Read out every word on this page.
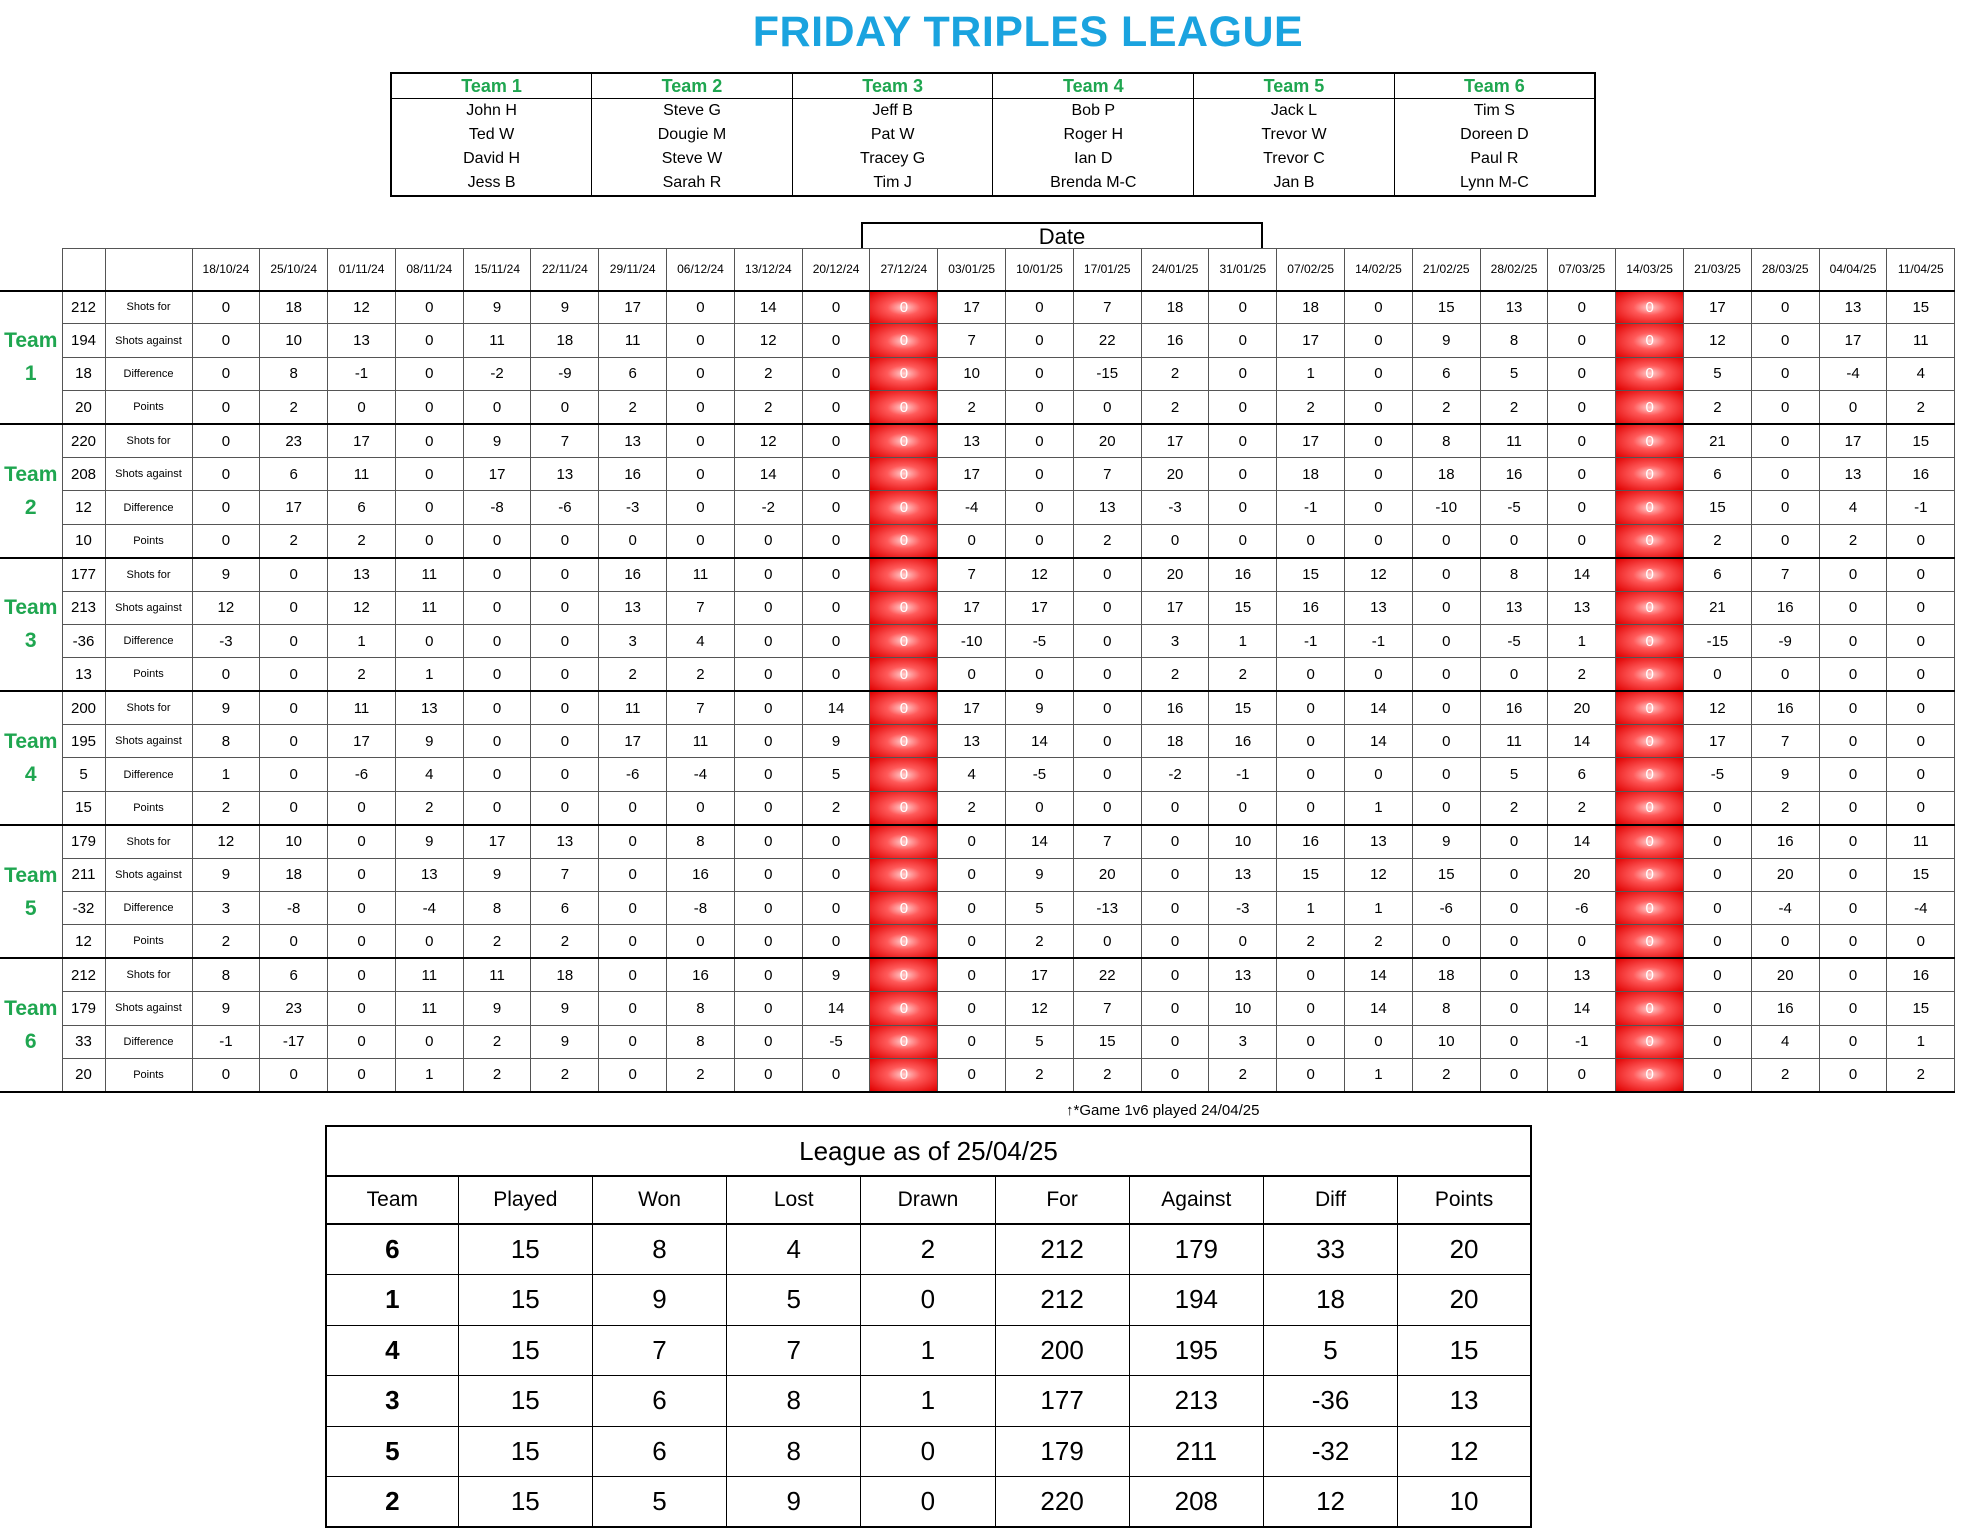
FRIDAY TRIPLES LEAGUE
Team 1	Team 2	Team 3	Team 4	Team 5	Team 6
John H	Steve G	Jeff B	Bob P	Jack L	Tim S
Ted W	Dougie M	Pat W	Roger H	Trevor W	Doreen D
David H	Steve W	Tracey G	Ian D	Trevor C	Paul R
Jess B	Sarah R	Tim J	Brenda M-C	Jan B	Lynn M-C
Date
			18/10/24	25/10/24	01/11/24	08/11/24	15/11/24	22/11/24	29/11/24	06/12/24	13/12/24	20/12/24	27/12/24	03/01/25	10/01/25	17/01/25	24/01/25	31/01/25	07/02/25	14/02/25	21/02/25	28/02/25	07/03/25	14/03/25	21/03/25	28/03/25	04/04/25	11/04/25

Team
1	212	Shots for	0	18	12	0	9	9	17	0	14	0	0	17	0	7	18	0	18	0	15	13	0	0	17	0	13	15
	194	Shots against	0	10	13	0	11	18	11	0	12	0	0	7	0	22	16	0	17	0	9	8	0	0	12	0	17	11
	18	Difference	0	8	-1	0	-2	-9	6	0	2	0	0	10	0	-15	2	0	1	0	6	5	0	0	5	0	-4	4
	20	Points	0	2	0	0	0	0	2	0	2	0	0	2	0	0	2	0	2	0	2	2	0	0	2	0	0	2

Team
2	220	Shots for	0	23	17	0	9	7	13	0	12	0	0	13	0	20	17	0	17	0	8	11	0	0	21	0	17	15
	208	Shots against	0	6	11	0	17	13	16	0	14	0	0	17	0	7	20	0	18	0	18	16	0	0	6	0	13	16
	12	Difference	0	17	6	0	-8	-6	-3	0	-2	0	0	-4	0	13	-3	0	-1	0	-10	-5	0	0	15	0	4	-1
	10	Points	0	2	2	0	0	0	0	0	0	0	0	0	0	2	0	0	0	0	0	0	0	0	2	0	2	0

Team
3	177	Shots for	9	0	13	11	0	0	16	11	0	0	0	7	12	0	20	16	15	12	0	8	14	0	6	7	0	0
	213	Shots against	12	0	12	11	0	0	13	7	0	0	0	17	17	0	17	15	16	13	0	13	13	0	21	16	0	0
	-36	Difference	-3	0	1	0	0	0	3	4	0	0	0	-10	-5	0	3	1	-1	-1	0	-5	1	0	-15	-9	0	0
	13	Points	0	0	2	1	0	0	2	2	0	0	0	0	0	0	2	2	0	0	0	0	2	0	0	0	0	0

Team
4	200	Shots for	9	0	11	13	0	0	11	7	0	14	0	17	9	0	16	15	0	14	0	16	20	0	12	16	0	0
	195	Shots against	8	0	17	9	0	0	17	11	0	9	0	13	14	0	18	16	0	14	0	11	14	0	17	7	0	0
	5	Difference	1	0	-6	4	0	0	-6	-4	0	5	0	4	-5	0	-2	-1	0	0	0	5	6	0	-5	9	0	0
	15	Points	2	0	0	2	0	0	0	0	0	2	0	2	0	0	0	0	0	1	0	2	2	0	0	2	0	0

Team
5	179	Shots for	12	10	0	9	17	13	0	8	0	0	0	0	14	7	0	10	16	13	9	0	14	0	0	16	0	11
	211	Shots against	9	18	0	13	9	7	0	16	0	0	0	0	9	20	0	13	15	12	15	0	20	0	0	20	0	15
	-32	Difference	3	-8	0	-4	8	6	0	-8	0	0	0	0	5	-13	0	-3	1	1	-6	0	-6	0	0	-4	0	-4
	12	Points	2	0	0	0	2	2	0	0	0	0	0	0	2	0	0	0	2	2	0	0	0	0	0	0	0	0

Team
6	212	Shots for	8	6	0	11	11	18	0	16	0	9	0	0	17	22	0	13	0	14	18	0	13	0	0	20	0	16
	179	Shots against	9	23	0	11	9	9	0	8	0	14	0	0	12	7	0	10	0	14	8	0	14	0	0	16	0	15
	33	Difference	-1	-17	0	0	2	9	0	8	0	-5	0	0	5	15	0	3	0	0	10	0	-1	0	0	4	0	1
	20	Points	0	0	0	1	2	2	0	2	0	0	0	0	2	2	0	2	0	1	2	0	0	0	0	2	0	2
↑*Game 1v6 played 24/04/25
League as of 25/04/25								
Team	Played	Won	Lost	Drawn	For	Against	Diff	Points
6	15	8	4	2	212	179	33	20
1	15	9	5	0	212	194	18	20
4	15	7	7	1	200	195	5	15
3	15	6	8	1	177	213	-36	13
5	15	6	8	0	179	211	-32	12
2	15	5	9	0	220	208	12	10
